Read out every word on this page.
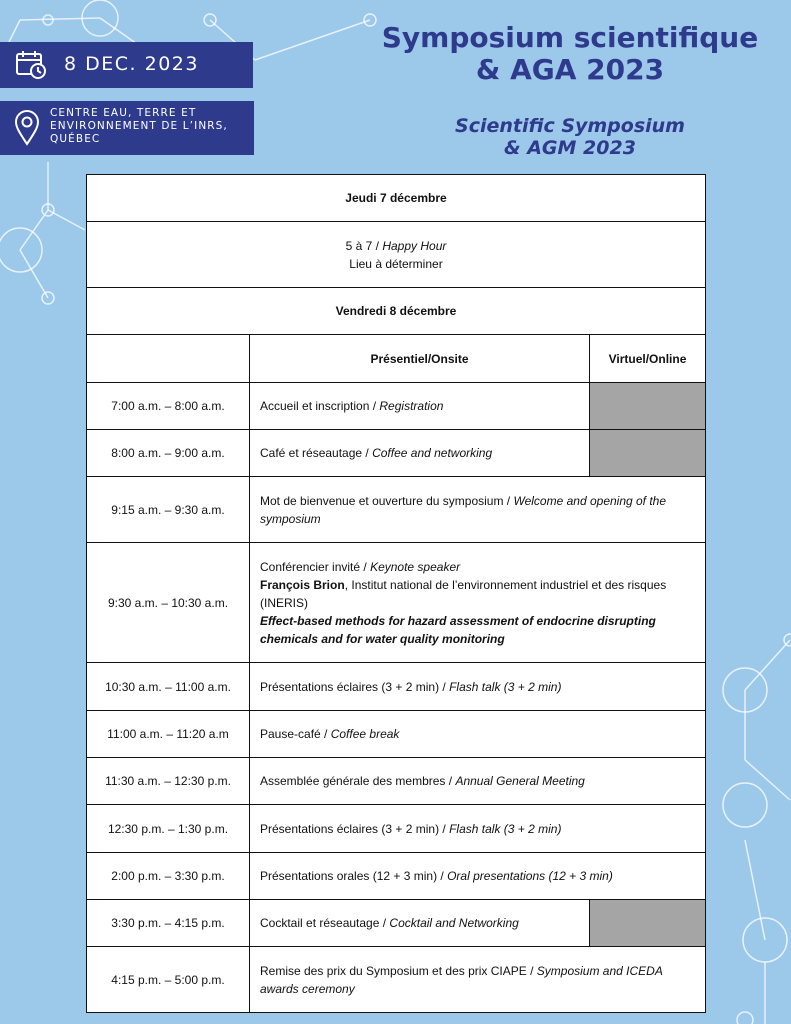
8 DEC. 2023
CENTRE EAU, TERRE ET
ENVIRONNEMENT DE L’INRS,
QUÉBEC
Symposium scientifique
& AGA 2023
Scientific Symposium
& AGM 2023
Jeudi 7 décembre		

5 à 7 / Happy Hour
Lieu à déterminer		

Vendredi 8 décembre		
	Présentiel/Onsite	Virtuel/Online
7:00 a.m. – 8:00 a.m.	Accueil et inscription / Registration	
8:00 a.m. – 9:00 a.m.	Café et réseautage / Coffee and networking	
9:15 a.m. – 9:30 a.m.	Mot de bienvenue et ouverture du symposium / Welcome and opening of the symposium	
9:30 a.m. – 10:30 a.m.	Conférencier invité / Keynote speaker
François Brion, Institut national de l’environnement industriel et des risques (INERIS)
Effect-based methods for hazard assessment of endocrine disrupting chemicals and for water quality monitoring	

10:30 a.m. – 11:00 a.m.	Présentations éclaires (3 + 2 min) / Flash talk (3 + 2 min)	
11:00 a.m. – 11:20 a.m	Pause-café / Coffee break	
11:30 a.m. – 12:30 p.m.	Assemblée générale des membres / Annual General Meeting	
12:30 p.m. – 1:30 p.m.	Présentations éclaires (3 + 2 min) / Flash talk (3 + 2 min)	
2:00 p.m. – 3:30 p.m.	Présentations orales (12 + 3 min) / Oral presentations (12 + 3 min)	
3:30 p.m. – 4:15 p.m.	Cocktail et réseautage / Cocktail and Networking	
4:15 p.m. – 5:00 p.m.	Remise des prix du Symposium et des prix CIAPE / Symposium and ICEDA awards ceremony	
